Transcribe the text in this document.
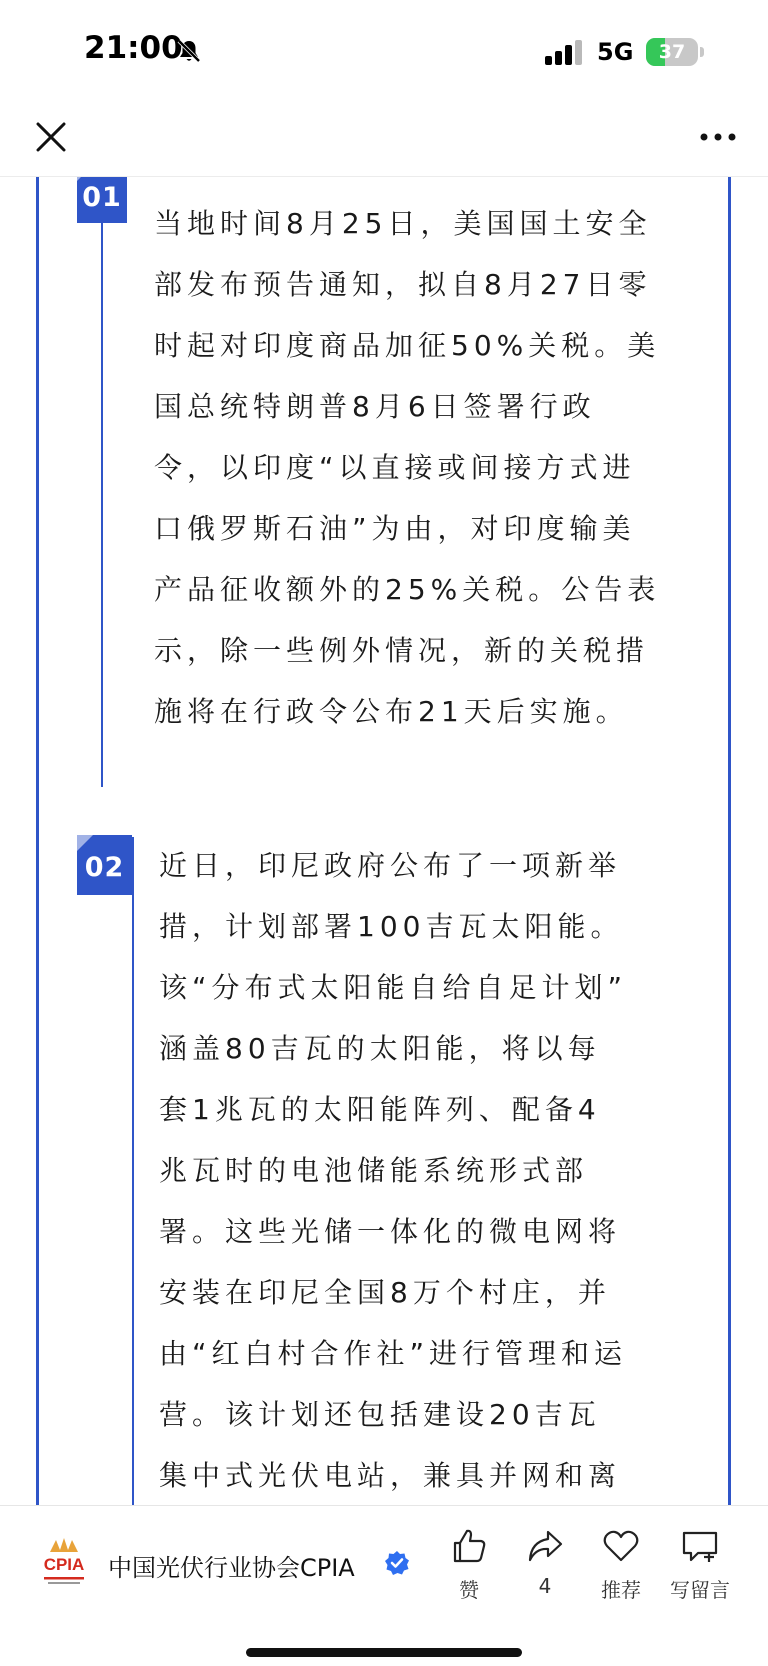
21:00	5G	37
01
当地时间8月25日，美国国土安全
部发布预告通知，拟自8月27日零
时起对印度商品加征50%关税。美
国总统特朗普8月6日签署行政
令，以印度“以直接或间接方式进
口俄罗斯石油”为由，对印度输美
产品征收额外的25%关税。公告表
示，除一些例外情况，新的关税措
施将在行政令公布21天后实施。
02 近日，印尼政府公布了一项新举
措，计划部署100吉瓦太阳能。
该“分布式太阳能自给自足计划”
涵盖80吉瓦的太阳能，将以每
套1兆瓦的太阳能阵列、配备4
兆瓦时的电池储能系统形式部
署。这些光储一体化的微电网将
安装在印尼全国8万个村庄，并
由“红白村合作社”进行管理和运
营。该计划还包括建设20吉瓦
集中式光伏电站，兼具并网和离
CPIA 中国光伏行业协会CPIA
赞	4	推荐	写留言
